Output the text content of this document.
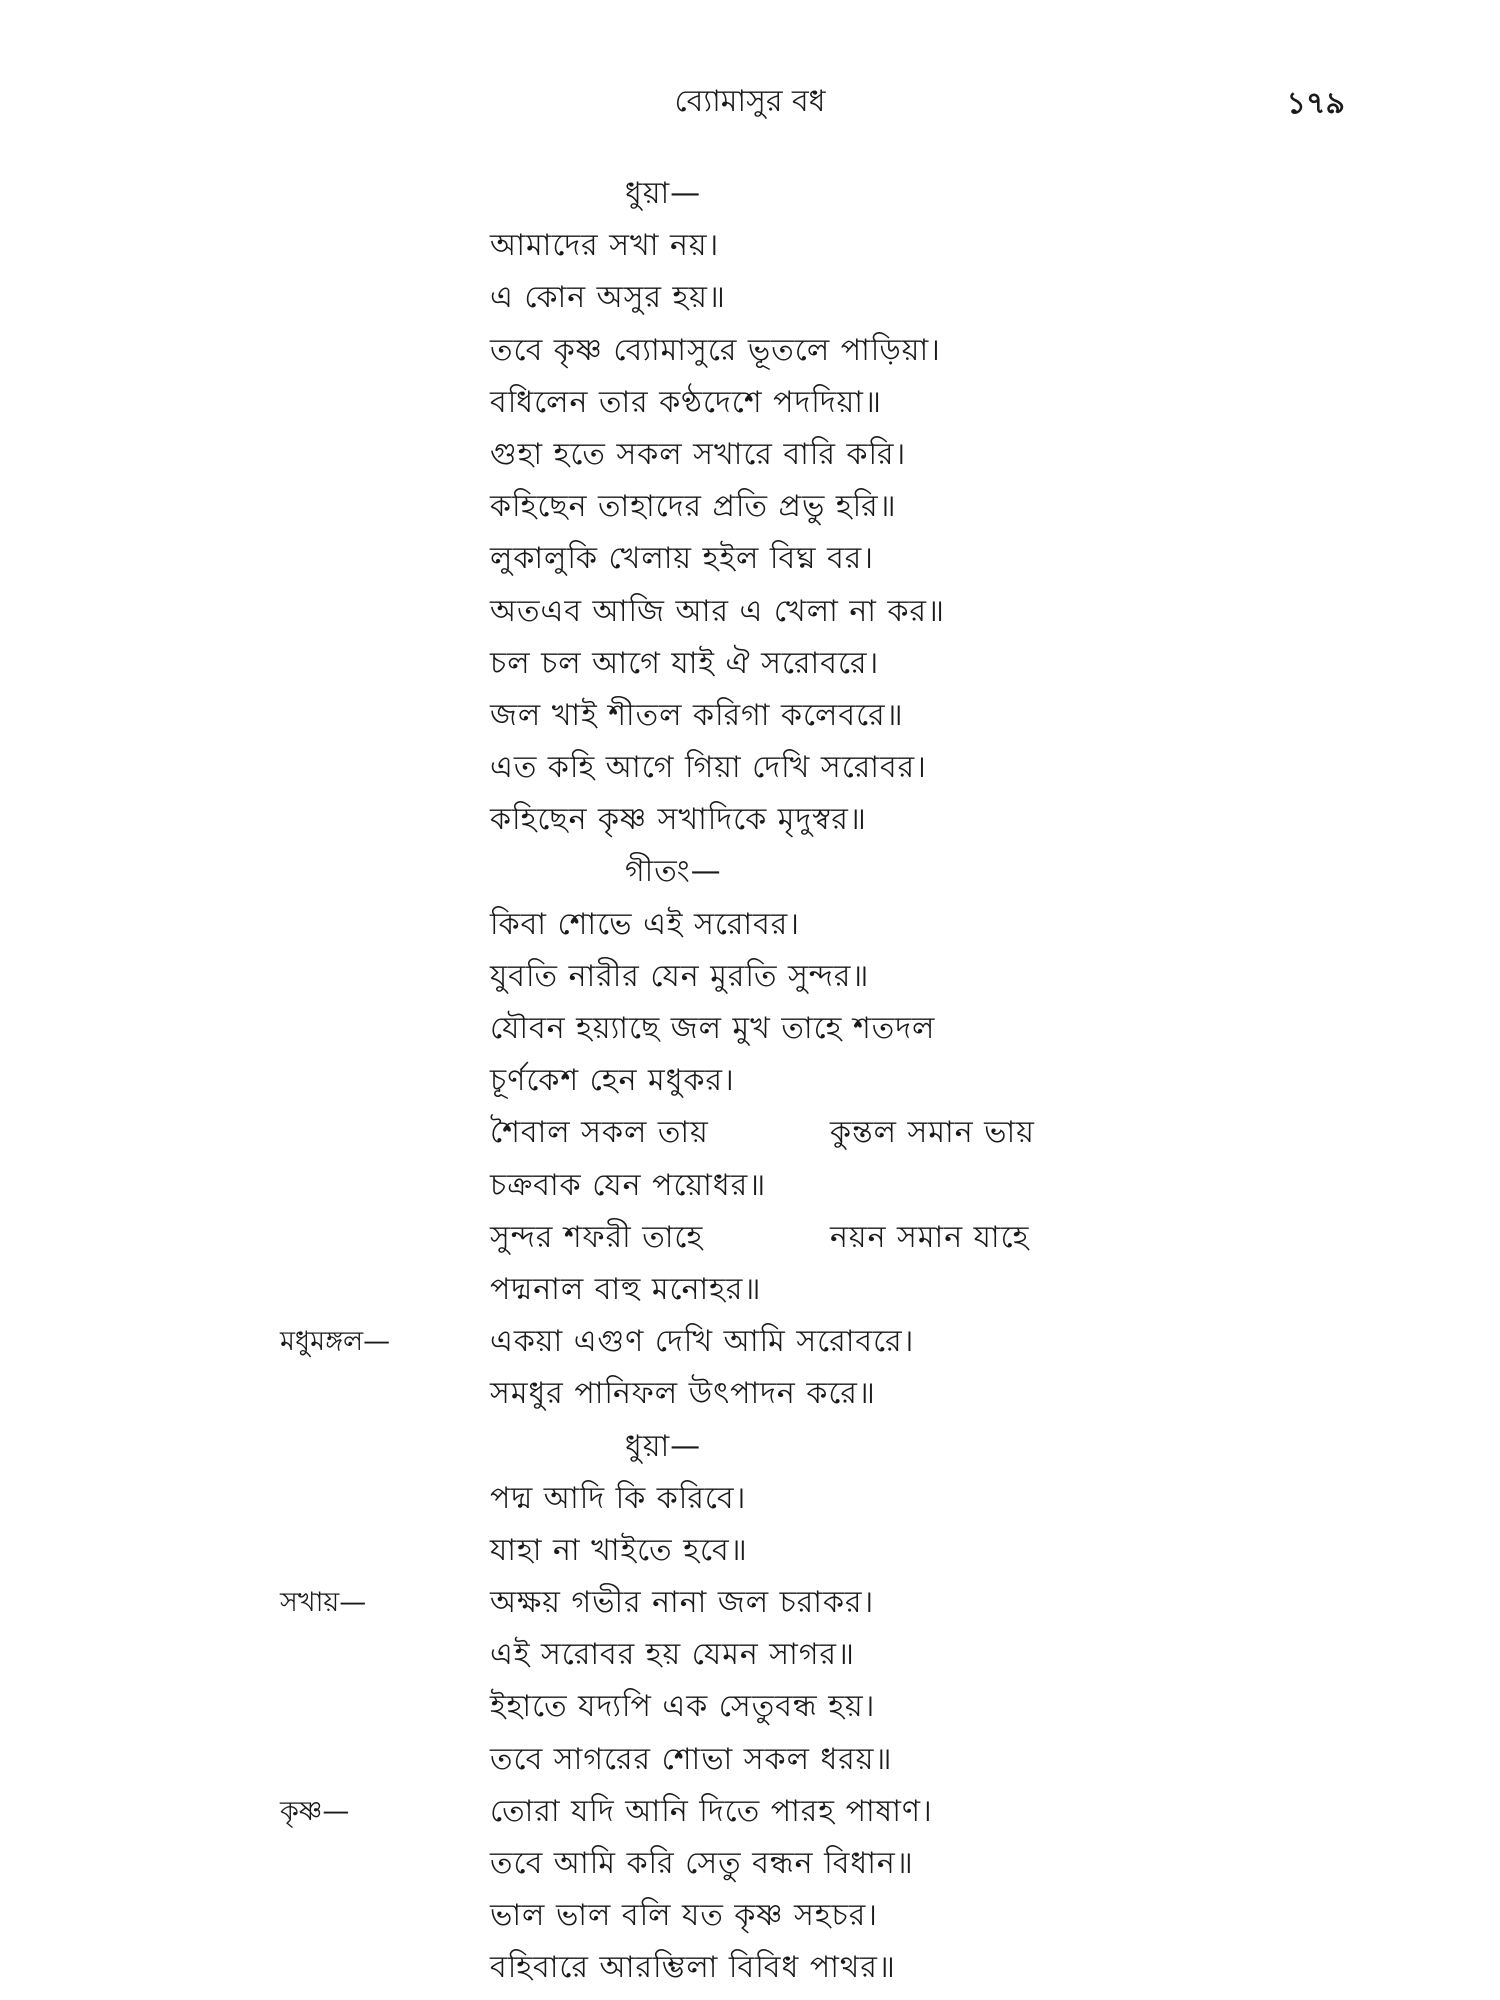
ব্যোমাসুর বধ	১৭৯
ধুয়া—
আমাদের সখা নয়।
এ কোন অসুর হয়॥
তবে কৃষ্ণ ব্যোমাসুরে ভূতলে পাড়িয়া।
বধিলেন তার কণ্ঠদেশে পদদিয়া॥
গুহা হতে সকল সখারে বারি করি।
কহিছেন তাহাদের প্রতি প্রভু হরি॥
লুকালুকি খেলায় হইল বিঘ্ন বর।
অতএব আজি আর এ খেলা না কর॥
চল চল আগে যাই ঐ সরোবরে।
জল খাই শীতল করিগা কলেবরে॥
এত কহি আগে গিয়া দেখি সরোবর।
কহিছেন কৃষ্ণ সখাদিকে মৃদুস্বর॥
গীতং—
কিবা শোভে এই সরোবর।
যুবতি নারীর যেন মুরতি সুন্দর॥
যৌবন হয়্যাছে জল মুখ তাহে শতদল
চূর্ণকেশ হেন মধুকর।
শৈবাল সকল তায়	কুন্তল সমান ভায়
চক্রবাক যেন পয়োধর॥
সুন্দর শফরী তাহে	নয়ন সমান যাহে
পদ্মনাল বাহু মনোহর॥
মধুমঙ্গল—	একয়া এগুণ দেখি আমি সরোবরে।
সমধুর পানিফল উৎপাদন করে॥
ধুয়া—
পদ্ম আদি কি করিবে।
যাহা না খাইতে হবে॥
সখায়—	অক্ষয় গভীর নানা জল চরাকর।
এই সরোবর হয় যেমন সাগর॥
ইহাতে যদ্যপি এক সেতুবন্ধ হয়।
তবে সাগরের শোভা সকল ধরয়॥
কৃষ্ণ—	তোরা যদি আনি দিতে পারহ পাষাণ।
তবে আমি করি সেতু বন্ধন বিধান॥
ভাল ভাল বলি যত কৃষ্ণ সহচর।
বহিবারে আরম্ভিলা বিবিধ পাথর॥
